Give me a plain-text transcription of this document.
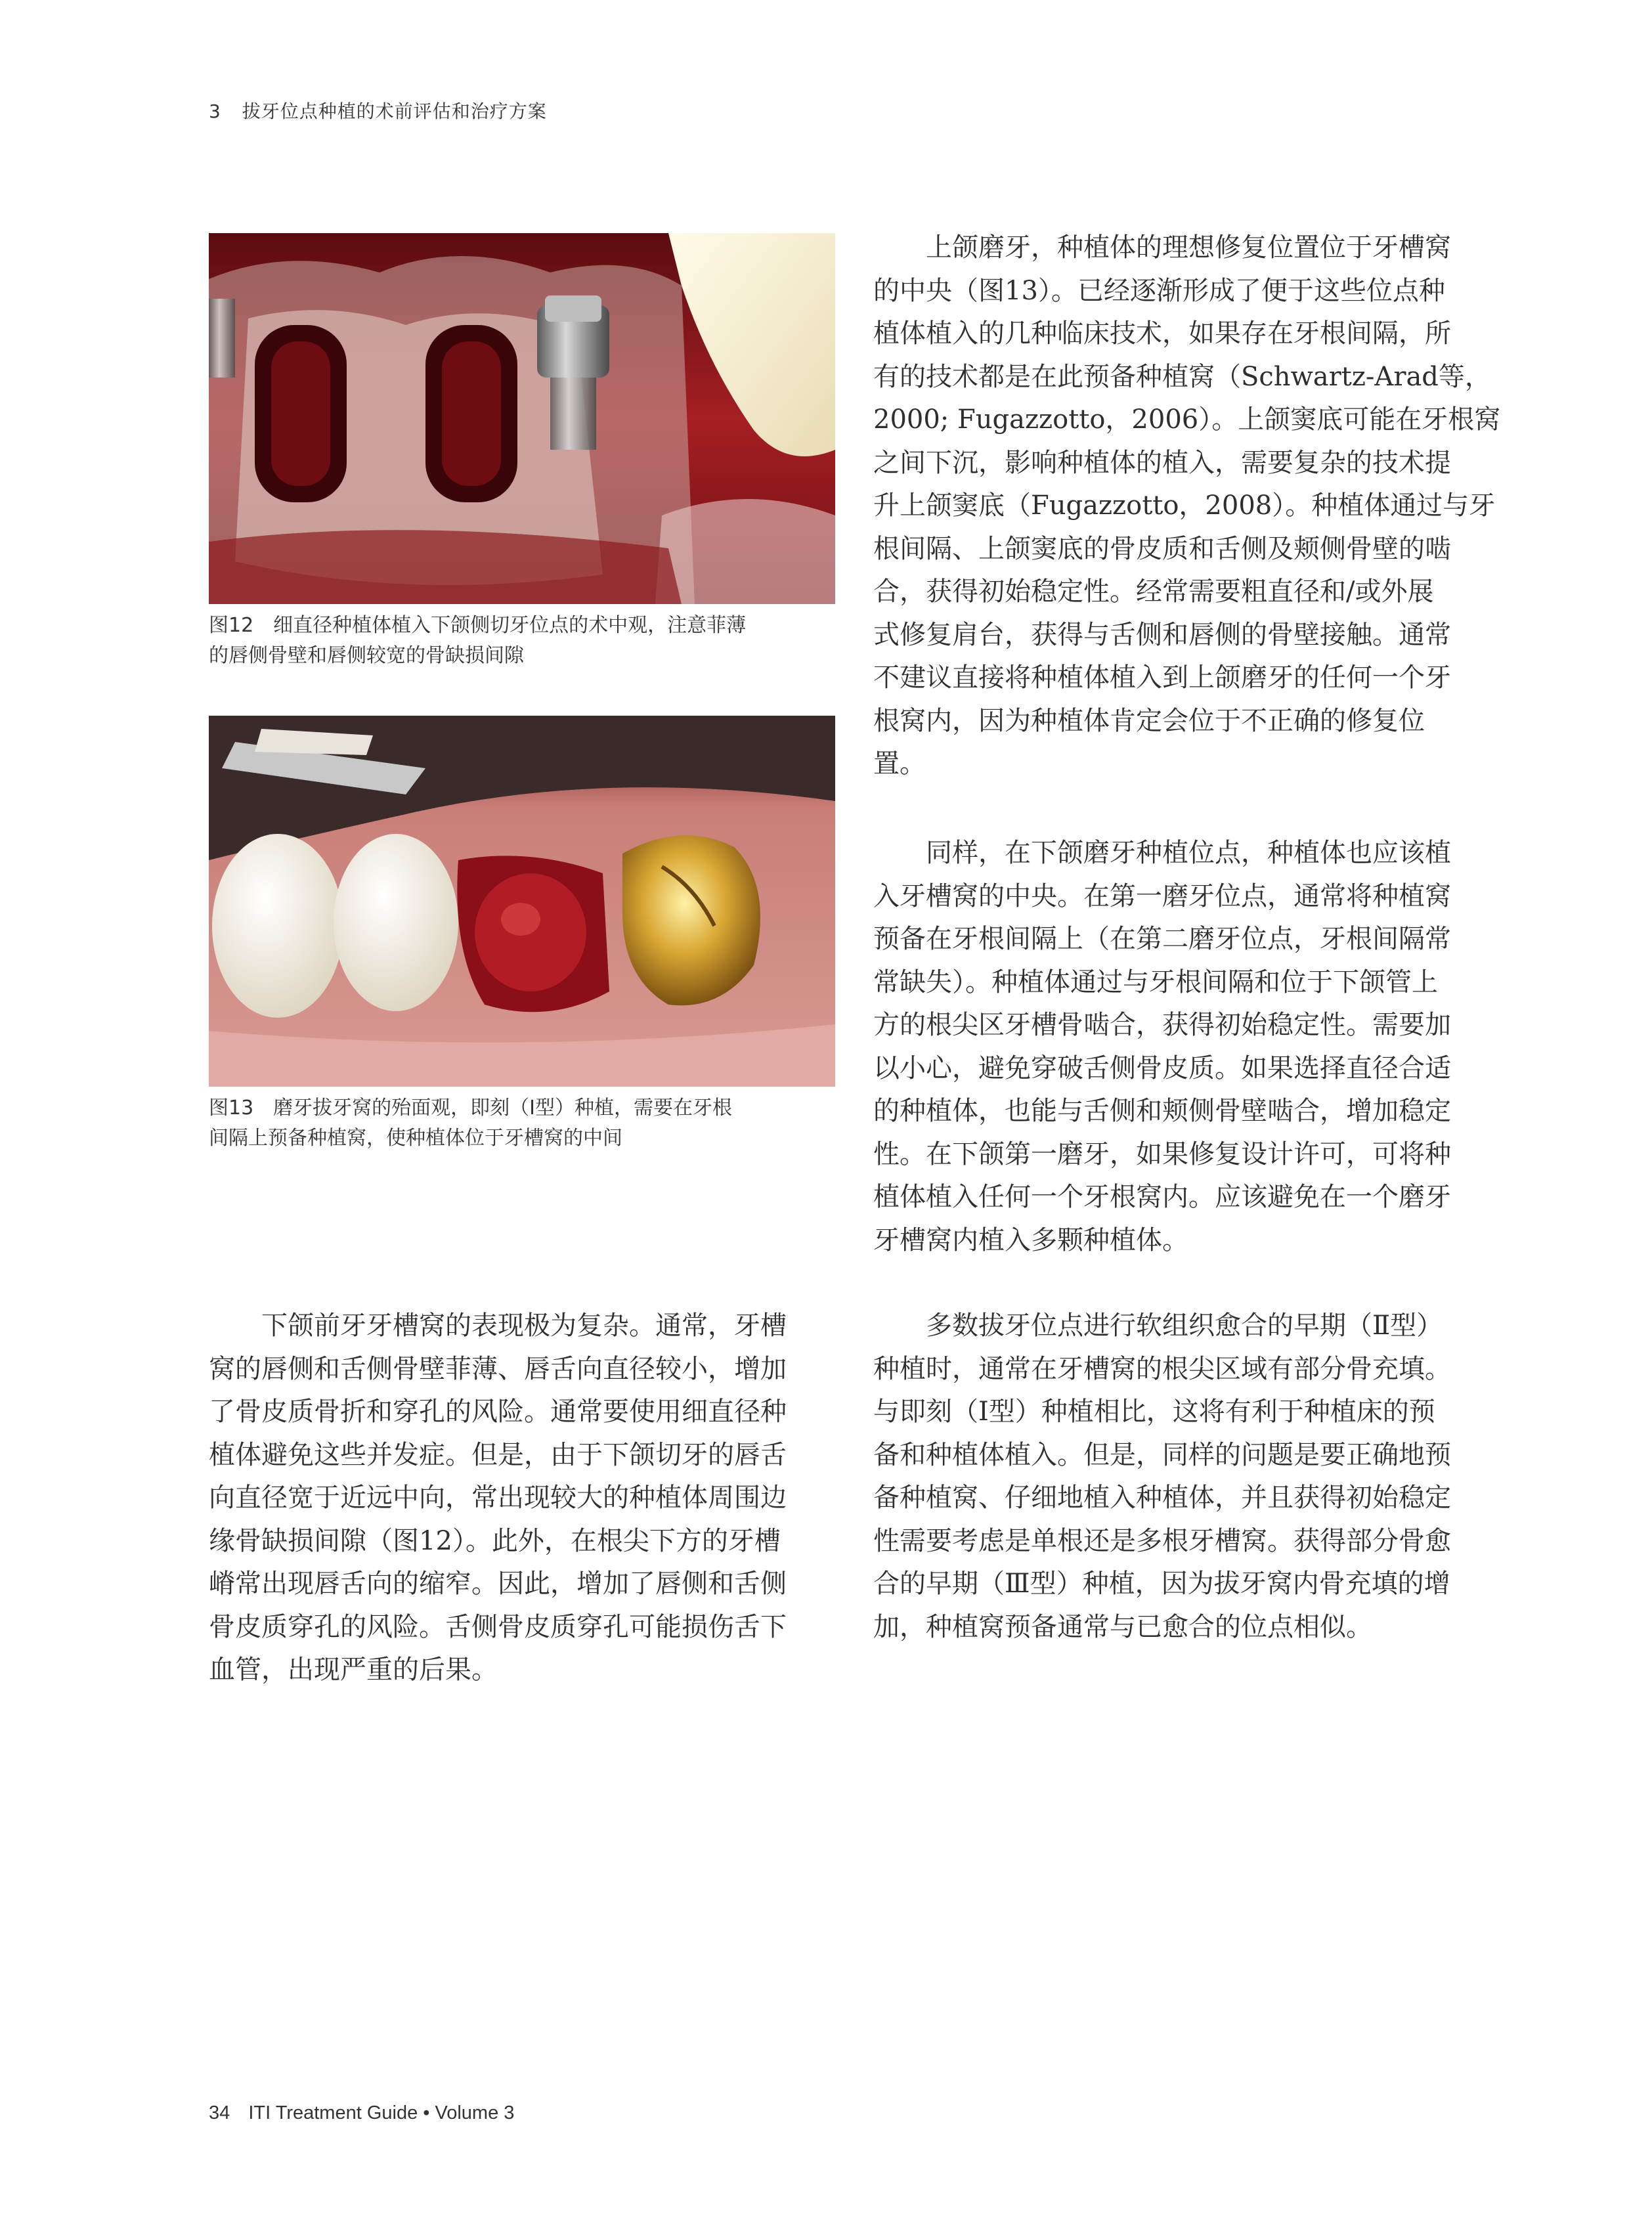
3 拔牙位点种植的术前评估和治疗方案
图12　细直径种植体植入下颌侧切牙位点的术中观，注意菲薄
的唇侧骨壁和唇侧较宽的骨缺损间隙
图13　磨牙拔牙窝的殆面观，即刻（Ⅰ型）种植，需要在牙根
间隔上预备种植窝，使种植体位于牙槽窝的中间
　　上颌磨牙，种植体的理想修复位置位于牙槽窝
的中央（图13）。已经逐渐形成了便于这些位点种
植体植入的几种临床技术，如果存在牙根间隔，所
有的技术都是在此预备种植窝（Schwartz-Arad等，
2000; Fugazzotto，2006）。上颌窦底可能在牙根窝
之间下沉，影响种植体的植入，需要复杂的技术提
升上颌窦底（Fugazzotto，2008）。种植体通过与牙
根间隔、上颌窦底的骨皮质和舌侧及颊侧骨壁的啮
合，获得初始稳定性。经常需要粗直径和/或外展
式修复肩台，获得与舌侧和唇侧的骨壁接触。通常
不建议直接将种植体植入到上颌磨牙的任何一个牙
根窝内，因为种植体肯定会位于不正确的修复位
置。
　　同样，在下颌磨牙种植位点，种植体也应该植
入牙槽窝的中央。在第一磨牙位点，通常将种植窝
预备在牙根间隔上（在第二磨牙位点，牙根间隔常
常缺失）。种植体通过与牙根间隔和位于下颌管上
方的根尖区牙槽骨啮合，获得初始稳定性。需要加
以小心，避免穿破舌侧骨皮质。如果选择直径合适
的种植体，也能与舌侧和颊侧骨壁啮合，增加稳定
性。在下颌第一磨牙，如果修复设计许可，可将种
植体植入任何一个牙根窝内。应该避免在一个磨牙
牙槽窝内植入多颗种植体。
　　多数拔牙位点进行软组织愈合的早期（Ⅱ型）
种植时，通常在牙槽窝的根尖区域有部分骨充填。
与即刻（Ⅰ型）种植相比，这将有利于种植床的预
备和种植体植入。但是，同样的问题是要正确地预
备种植窝、仔细地植入种植体，并且获得初始稳定
性需要考虑是单根还是多根牙槽窝。获得部分骨愈
合的早期（Ⅲ型）种植，因为拔牙窝内骨充填的增
加，种植窝预备通常与已愈合的位点相似。
　　下颌前牙牙槽窝的表现极为复杂。通常，牙槽
窝的唇侧和舌侧骨壁菲薄、唇舌向直径较小，增加
了骨皮质骨折和穿孔的风险。通常要使用细直径种
植体避免这些并发症。但是，由于下颌切牙的唇舌
向直径宽于近远中向，常出现较大的种植体周围边
缘骨缺损间隙（图12）。此外，在根尖下方的牙槽
嵴常出现唇舌向的缩窄。因此，增加了唇侧和舌侧
骨皮质穿孔的风险。舌侧骨皮质穿孔可能损伤舌下
血管，出现严重的后果。
34 ITI Treatment Guide • Volume 3
